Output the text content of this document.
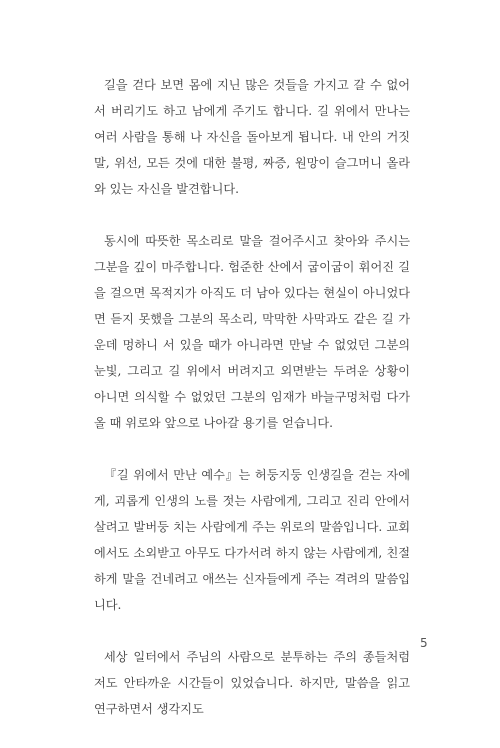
길을 걷다 보면 몸에 지닌 많은 것들을 가지고 갈 수 없어서 버리기도 하고 남에게 주기도 합니다. 길 위에서 만나는 여러 사람을 통해 나 자신을 돌아보게 됩니다. 내 안의 거짓말, 위선, 모든 것에 대한 불평, 짜증, 원망이 슬그머니 올라와 있는 자신을 발견합니다.

동시에 따뜻한 목소리로 말을 걸어주시고 찾아와 주시는 그분을 깊이 마주합니다. 험준한 산에서 굽이굽이 휘어진 길을 걸으면 목적지가 아직도 더 남아 있다는 현실이 아니었다면 듣지 못했을 그분의 목소리, 막막한 사막과도 같은 길 가운데 멍하니 서 있을 때가 아니라면 만날 수 없었던 그분의 눈빛, 그리고 길 위에서 버려지고 외면받는 두려운 상황이 아니면 의식할 수 없었던 그분의 임재가 바늘구멍처럼 다가올 때 위로와 앞으로 나아갈 용기를 얻습니다.

『길 위에서 만난 예수』는 허둥지둥 인생길을 걷는 자에게, 괴롭게 인생의 노를 젓는 사람에게, 그리고 진리 안에서 살려고 발버둥 치는 사람에게 주는 위로의 말씀입니다. 교회에서도 소외받고 아무도 다가서려 하지 않는 사람에게, 친절하게 말을 건네려고 애쓰는 신자들에게 주는 격려의 말씀입니다.

세상 일터에서 주님의 사람으로 분투하는 주의 종들처럼 저도 안타까운 시간들이 있었습니다. 하지만, 말씀을 읽고 연구하면서 생각지도

5
